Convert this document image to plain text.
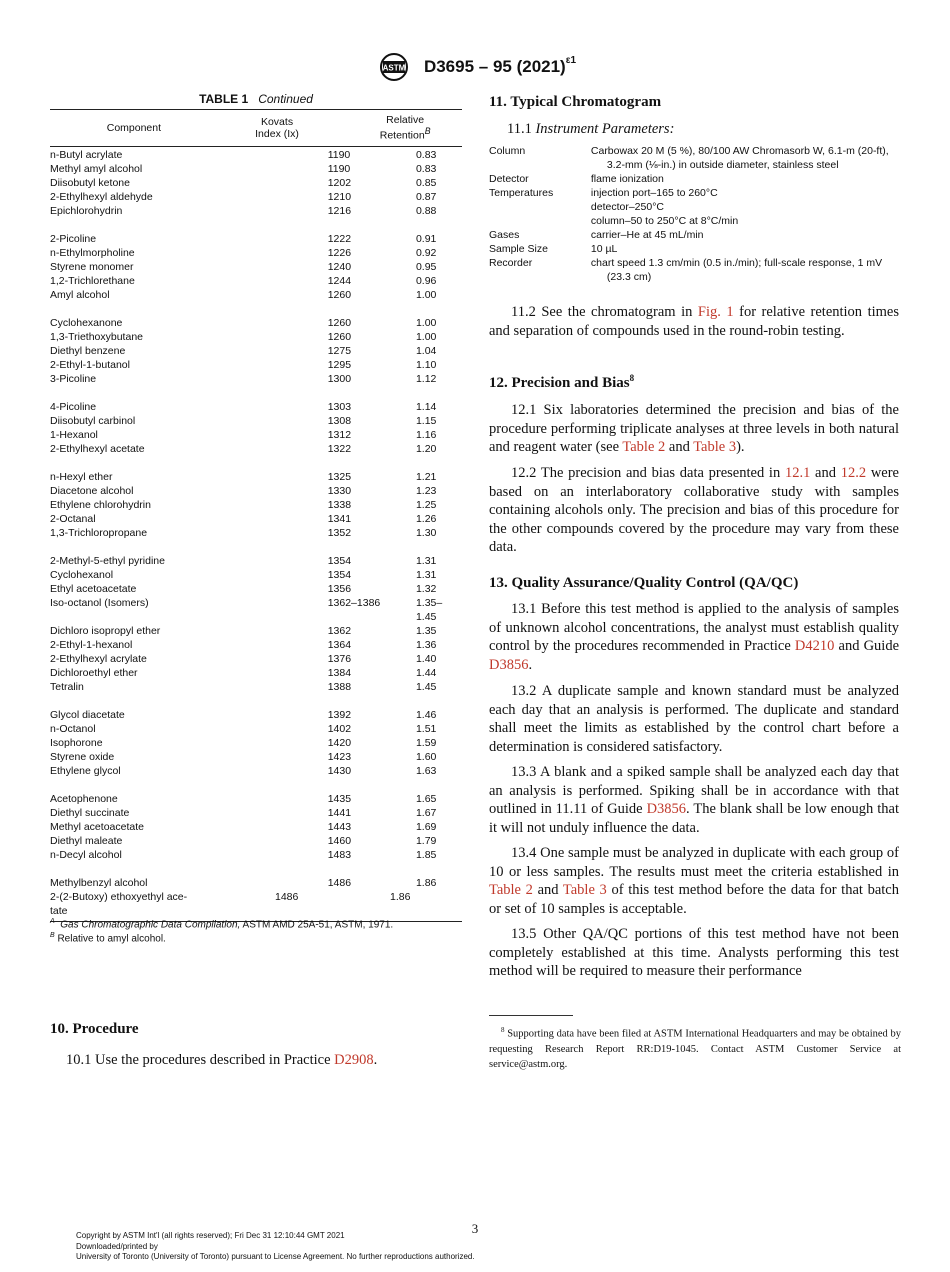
ASTM D3695 – 95 $(2021)^{\varepsilon 1}$
TABLE 1 Continued
Component	Kovats
Index (Ix)
Relative
Retention$^B$
n-Butyl acrylate	1190	0.83
Methyl amyl alcohol	1190	0.83
Diisobutyl ketone	1202	0.85
2-Ethylhexyl aldehyde	1210	0.87
Epichlorohydrin	1216	0.88
2-Picoline	1222	0.91
n-Ethylmorpholine	1226	0.92
Styrene monomer	1240	0.95
1,2-Trichlorethane	1244	0.96
Amyl alcohol	1260	1.00
Cyclohexanone	1260	1.00
1,3-Triethoxybutane	1260	1.00
Diethyl benzene	1275	1.04
2-Ethyl-1-butanol	1295	1.10
3-Picoline	1300	1.12
4-Picoline	1303	1.14
Diisobutyl carbinol	1308	1.15
1-Hexanol	1312	1.16
2-Ethylhexyl acetate	1322	1.20
n-Hexyl ether	1325	1.21
Diacetone alcohol	1330	1.23
Ethylene chlorohydrin	1338	1.25
2-Octanal	1341	1.26
1,3-Trichloropropane	1352	1.30
2-Methyl-5-ethyl pyridine	1354	1.31
Cyclohexanol	1354	1.31
Ethyl acetoacetate	1356	1.32
Iso-octanol (Isomers)	1362–1386	1.35–1.45
Dichloro isopropyl ether	1362	1.35
2-Ethyl-1-hexanol	1364	1.36
2-Ethylhexyl acrylate	1376	1.40
Dichloroethyl ether	1384	1.44
Tetralin	1388	1.45
Glycol diacetate	1392	1.46
n-Octanol	1402	1.51
Isophorone	1420	1.59
Styrene oxide	1423	1.60
Ethylene glycol	1430	1.63
Acetophenone	1435	1.65
Diethyl succinate	1441	1.67
Methyl acetoacetate	1443	1.69
Diethyl maleate	1460	1.79
n-Decyl alcohol	1483	1.85
Methylbenzyl alcohol	1486	1.86
2-(2-Butoxy) ethoxyethyl ace-
tate
1486	1.86
$^A$ Gas Chromatographic Data Compilation, ASTM AMD 25A-51, ASTM, 1971.
$^B$ Relative to amyl alcohol.
10. Procedure
10.1 Use the procedures described in Practice D2908.
11. Typical Chromatogram
11.1 Instrument Parameters:
Column	Carbowax 20 M (5 %), 80/100 AW Chromasorb W, 6.1-m (20-ft), 3.2-mm (⅛-in.) in outside diameter, stainless steel
Detector	flame ionization
Temperatures	injection port–165 to 260°C
detector–250°C
column–50 to 250°C at 8°C/min
Gases	carrier–He at 45 mL/min
Sample Size	10 µL
Recorder	chart speed 1.3 cm/min (0.5 in./min); full-scale response, 1 mV (23.3 cm)
11.2 See the chromatogram in Fig. 1 for relative retention times and separation of compounds used in the round-robin testing.
12. Precision and Bias$^8$
12.1 Six laboratories determined the precision and bias of the procedure performing triplicate analyses at three levels in both natural and reagent water (see Table 2 and Table 3).
12.2 The precision and bias data presented in 12.1 and 12.2 were based on an interlaboratory collaborative study with samples containing alcohols only. The precision and bias of this procedure for the other compounds covered by the procedure may vary from these data.
13. Quality Assurance/Quality Control (QA/QC)
13.1 Before this test method is applied to the analysis of samples of unknown alcohol concentrations, the analyst must establish quality control by the procedures recommended in Practice D4210 and Guide D3856.
13.2 A duplicate sample and known standard must be analyzed each day that an analysis is performed. The duplicate and standard shall meet the limits as established by the control chart before a determination is considered satisfactory.
13.3 A blank and a spiked sample shall be analyzed each day that an analysis is performed. Spiking shall be in accordance with that outlined in 11.11 of Guide D3856. The blank shall be low enough that it will not unduly influence the data.
13.4 One sample must be analyzed in duplicate with each group of 10 or less samples. The results must meet the criteria established in Table 2 and Table 3 of this test method before the data for that batch or set of 10 samples is acceptable.
13.5 Other QA/QC portions of this test method have not been completely established at this time. Analysts performing this test method will be required to measure their performance
$^8$ Supporting data have been filed at ASTM International Headquarters and may be obtained by requesting Research Report RR:D19-1045. Contact ASTM Customer Service at service@astm.org.
3
Copyright by ASTM Int'l (all rights reserved); Fri Dec 31 12:10:44 GMT 2021
Downloaded/printed by
University of Toronto (University of Toronto) pursuant to License Agreement. No further reproductions authorized.
